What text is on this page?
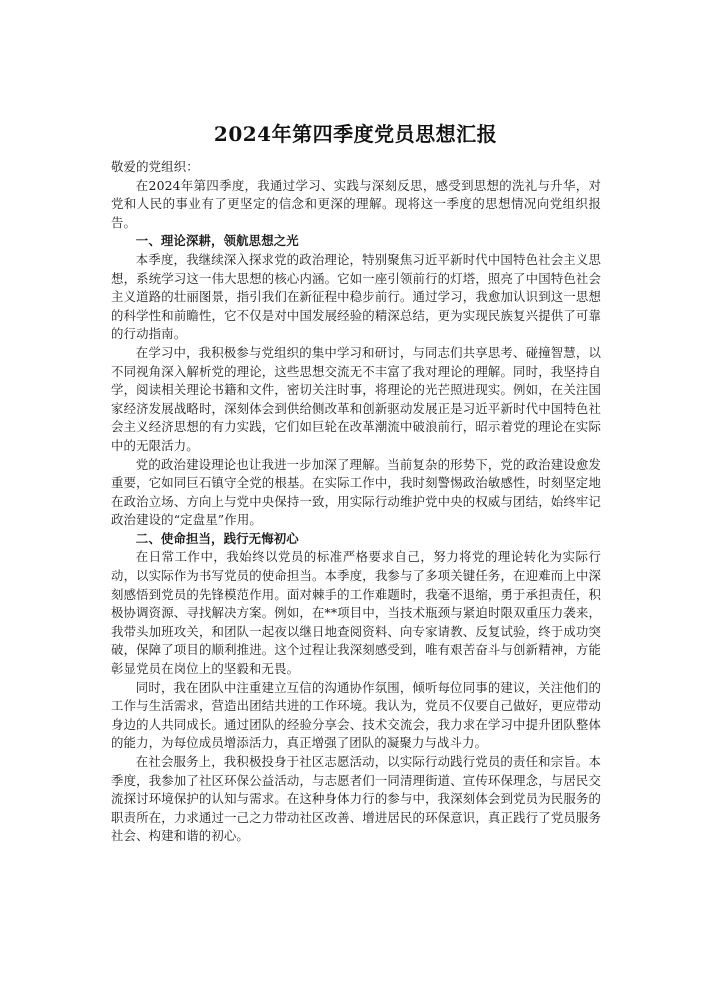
2024年第四季度党员思想汇报

敬爱的党组织：

在2024年第四季度，我通过学习、实践与深刻反思，感受到思想的洗礼与升华，对党和人民的事业有了更坚定的信念和更深的理解。现将这一季度的思想情况向党组织报告。

一、理论深耕，领航思想之光

本季度，我继续深入探求党的政治理论，特别聚焦习近平新时代中国特色社会主义思想，系统学习这一伟大思想的核心内涵。它如一座引领前行的灯塔，照亮了中国特色社会主义道路的壮丽图景，指引我们在新征程中稳步前行。通过学习，我愈加认识到这一思想的科学性和前瞻性，它不仅是对中国发展经验的精深总结，更为实现民族复兴提供了可靠的行动指南。

在学习中，我积极参与党组织的集中学习和研讨，与同志们共享思考、碰撞智慧，以不同视角深入解析党的理论，这些思想交流无不丰富了我对理论的理解。同时，我坚持自学，阅读相关理论书籍和文件，密切关注时事，将理论的光芒照进现实。例如，在关注国家经济发展战略时，深刻体会到供给侧改革和创新驱动发展正是习近平新时代中国特色社会主义经济思想的有力实践，它们如巨轮在改革潮流中破浪前行，昭示着党的理论在实际中的无限活力。

党的政治建设理论也让我进一步加深了理解。当前复杂的形势下，党的政治建设愈发重要，它如同巨石镇守全党的根基。在实际工作中，我时刻警惕政治敏感性，时刻坚定地在政治立场、方向上与党中央保持一致，用实际行动维护党中央的权威与团结，始终牢记政治建设的“定盘星”作用。

二、使命担当，践行无悔初心

在日常工作中，我始终以党员的标准严格要求自己，努力将党的理论转化为实际行动，以实际作为书写党员的使命担当。本季度，我参与了多项关键任务，在迎难而上中深刻感悟到党员的先锋模范作用。面对棘手的工作难题时，我毫不退缩，勇于承担责任，积极协调资源、寻找解决方案。例如，在**项目中，当技术瓶颈与紧迫时限双重压力袭来，我带头加班攻关，和团队一起夜以继日地查阅资料、向专家请教、反复试验，终于成功突破，保障了项目的顺利推进。这个过程让我深刻感受到，唯有艰苦奋斗与创新精神，方能彰显党员在岗位上的坚毅和无畏。

同时，我在团队中注重建立互信的沟通协作氛围，倾听每位同事的建议，关注他们的工作与生活需求，营造出团结共进的工作环境。我认为，党员不仅要自己做好，更应带动身边的人共同成长。通过团队的经验分享会、技术交流会，我力求在学习中提升团队整体的能力，为每位成员增添活力，真正增强了团队的凝聚力与战斗力。

在社会服务上，我积极投身于社区志愿活动，以实际行动践行党员的责任和宗旨。本季度，我参加了社区环保公益活动，与志愿者们一同清理街道、宣传环保理念，与居民交流探讨环境保护的认知与需求。在这种身体力行的参与中，我深刻体会到党员为民服务的职责所在，力求通过一己之力带动社区改善、增进居民的环保意识，真正践行了党员服务社会、构建和谐的初心。
